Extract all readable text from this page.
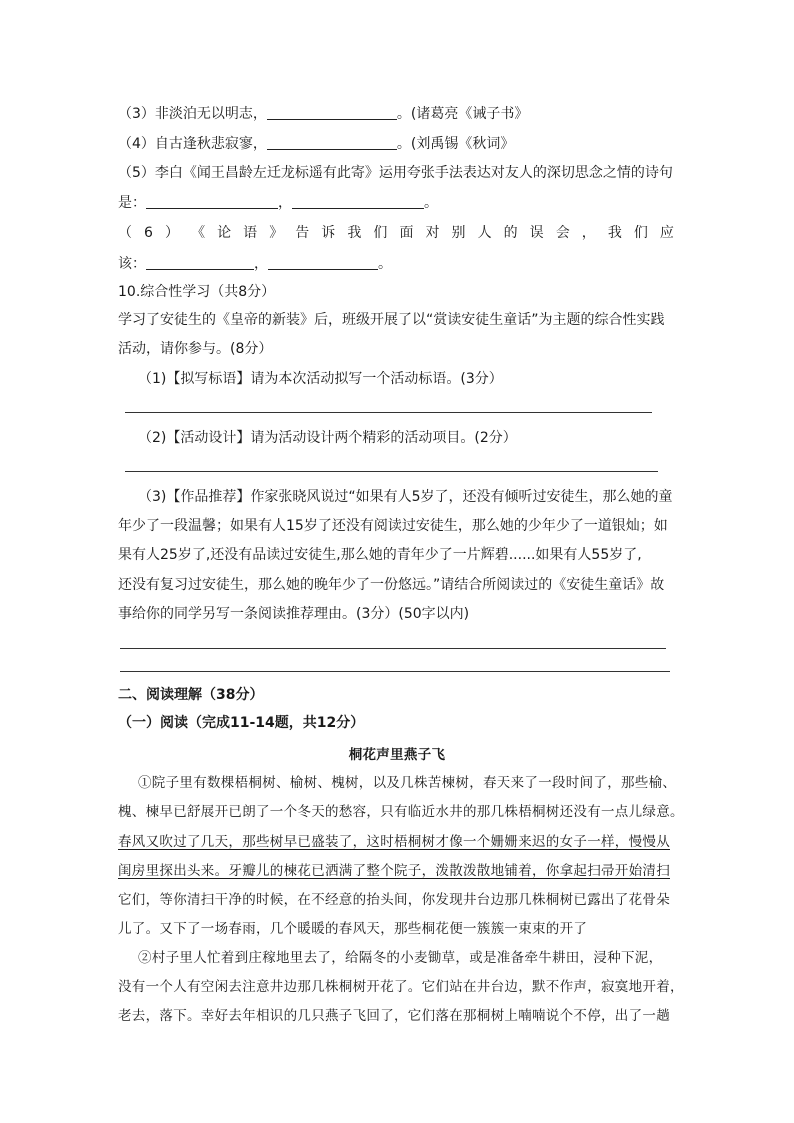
（3）非淡泊无以明志，	。(诸葛亮《诫子书》
（4）自古逢秋悲寂寥，	。(刘禹锡《秋词》
（5）李白《闻王昌龄左迁龙标遥有此寄》运用夸张手法表达对友人的深切思念之情的诗句
是：	，	。
（ 6 ） 《 论 语 》 告 诉 我 们 面 对 别 人 的 误 会 ， 我 们 应
该：	，	。
10.综合性学习（共8分）
学习了安徒生的《皇帝的新装》后，班级开展了以“赏读安徒生童话”为主题的综合性实践
活动，请你参与。(8分）
（1)【拟写标语】请为本次活动拟写一个活动标语。(3分）
（2)【活动设计】请为活动设计两个精彩的活动项目。(2分）
（3)【作品推荐】作家张晓风说过“如果有人5岁了，还没有倾听过安徒生，那么她的童
年少了一段温馨；如果有人15岁了还没有阅读过安徒生，那么她的少年少了一道银灿；如
果有人25岁了,还没有品读过安徒生,那么她的青年少了一片辉碧......如果有人55岁了,
还没有复习过安徒生，那么她的晚年少了一份悠远。”请结合所阅读过的《安徒生童话》故
事给你的同学另写一条阅读推荐理由。(3分）(50字以内)
二、阅读理解（38分）
（一）阅读（完成11-14题，共12分）
桐花声里燕子飞
①院子里有数棵梧桐树、榆树、槐树，以及几株苦楝树，春天来了一段时间了，那些榆、
槐、楝早已舒展开已朗了一个冬天的愁容，只有临近水井的那几株梧桐树还没有一点儿绿意。
春风又吹过了几天，那些树早已盛装了，这时梧桐树才像一个姗姗来迟的女子一样，慢慢从
闺房里探出头来。牙瓣儿的楝花已洒满了整个院子，泼散泼散地铺着，你拿起扫帚开始清扫
它们，等你清扫干净的时候，在不经意的抬头间，你发现井台边那几株桐树已露出了花骨朵
儿了。又下了一场春雨，几个暖暖的春风天，那些桐花便一簇簇一束束的开了
②村子里人忙着到庄稼地里去了，给隔冬的小麦锄草，或是准备牵牛耕田，浸种下泥，
没有一个人有空闲去注意井边那几株桐树开花了。它们站在井台边，默不作声，寂寞地开着，
老去，落下。幸好去年相识的几只燕子飞回了，它们落在那桐树上喃喃说个不停，出了一趟
